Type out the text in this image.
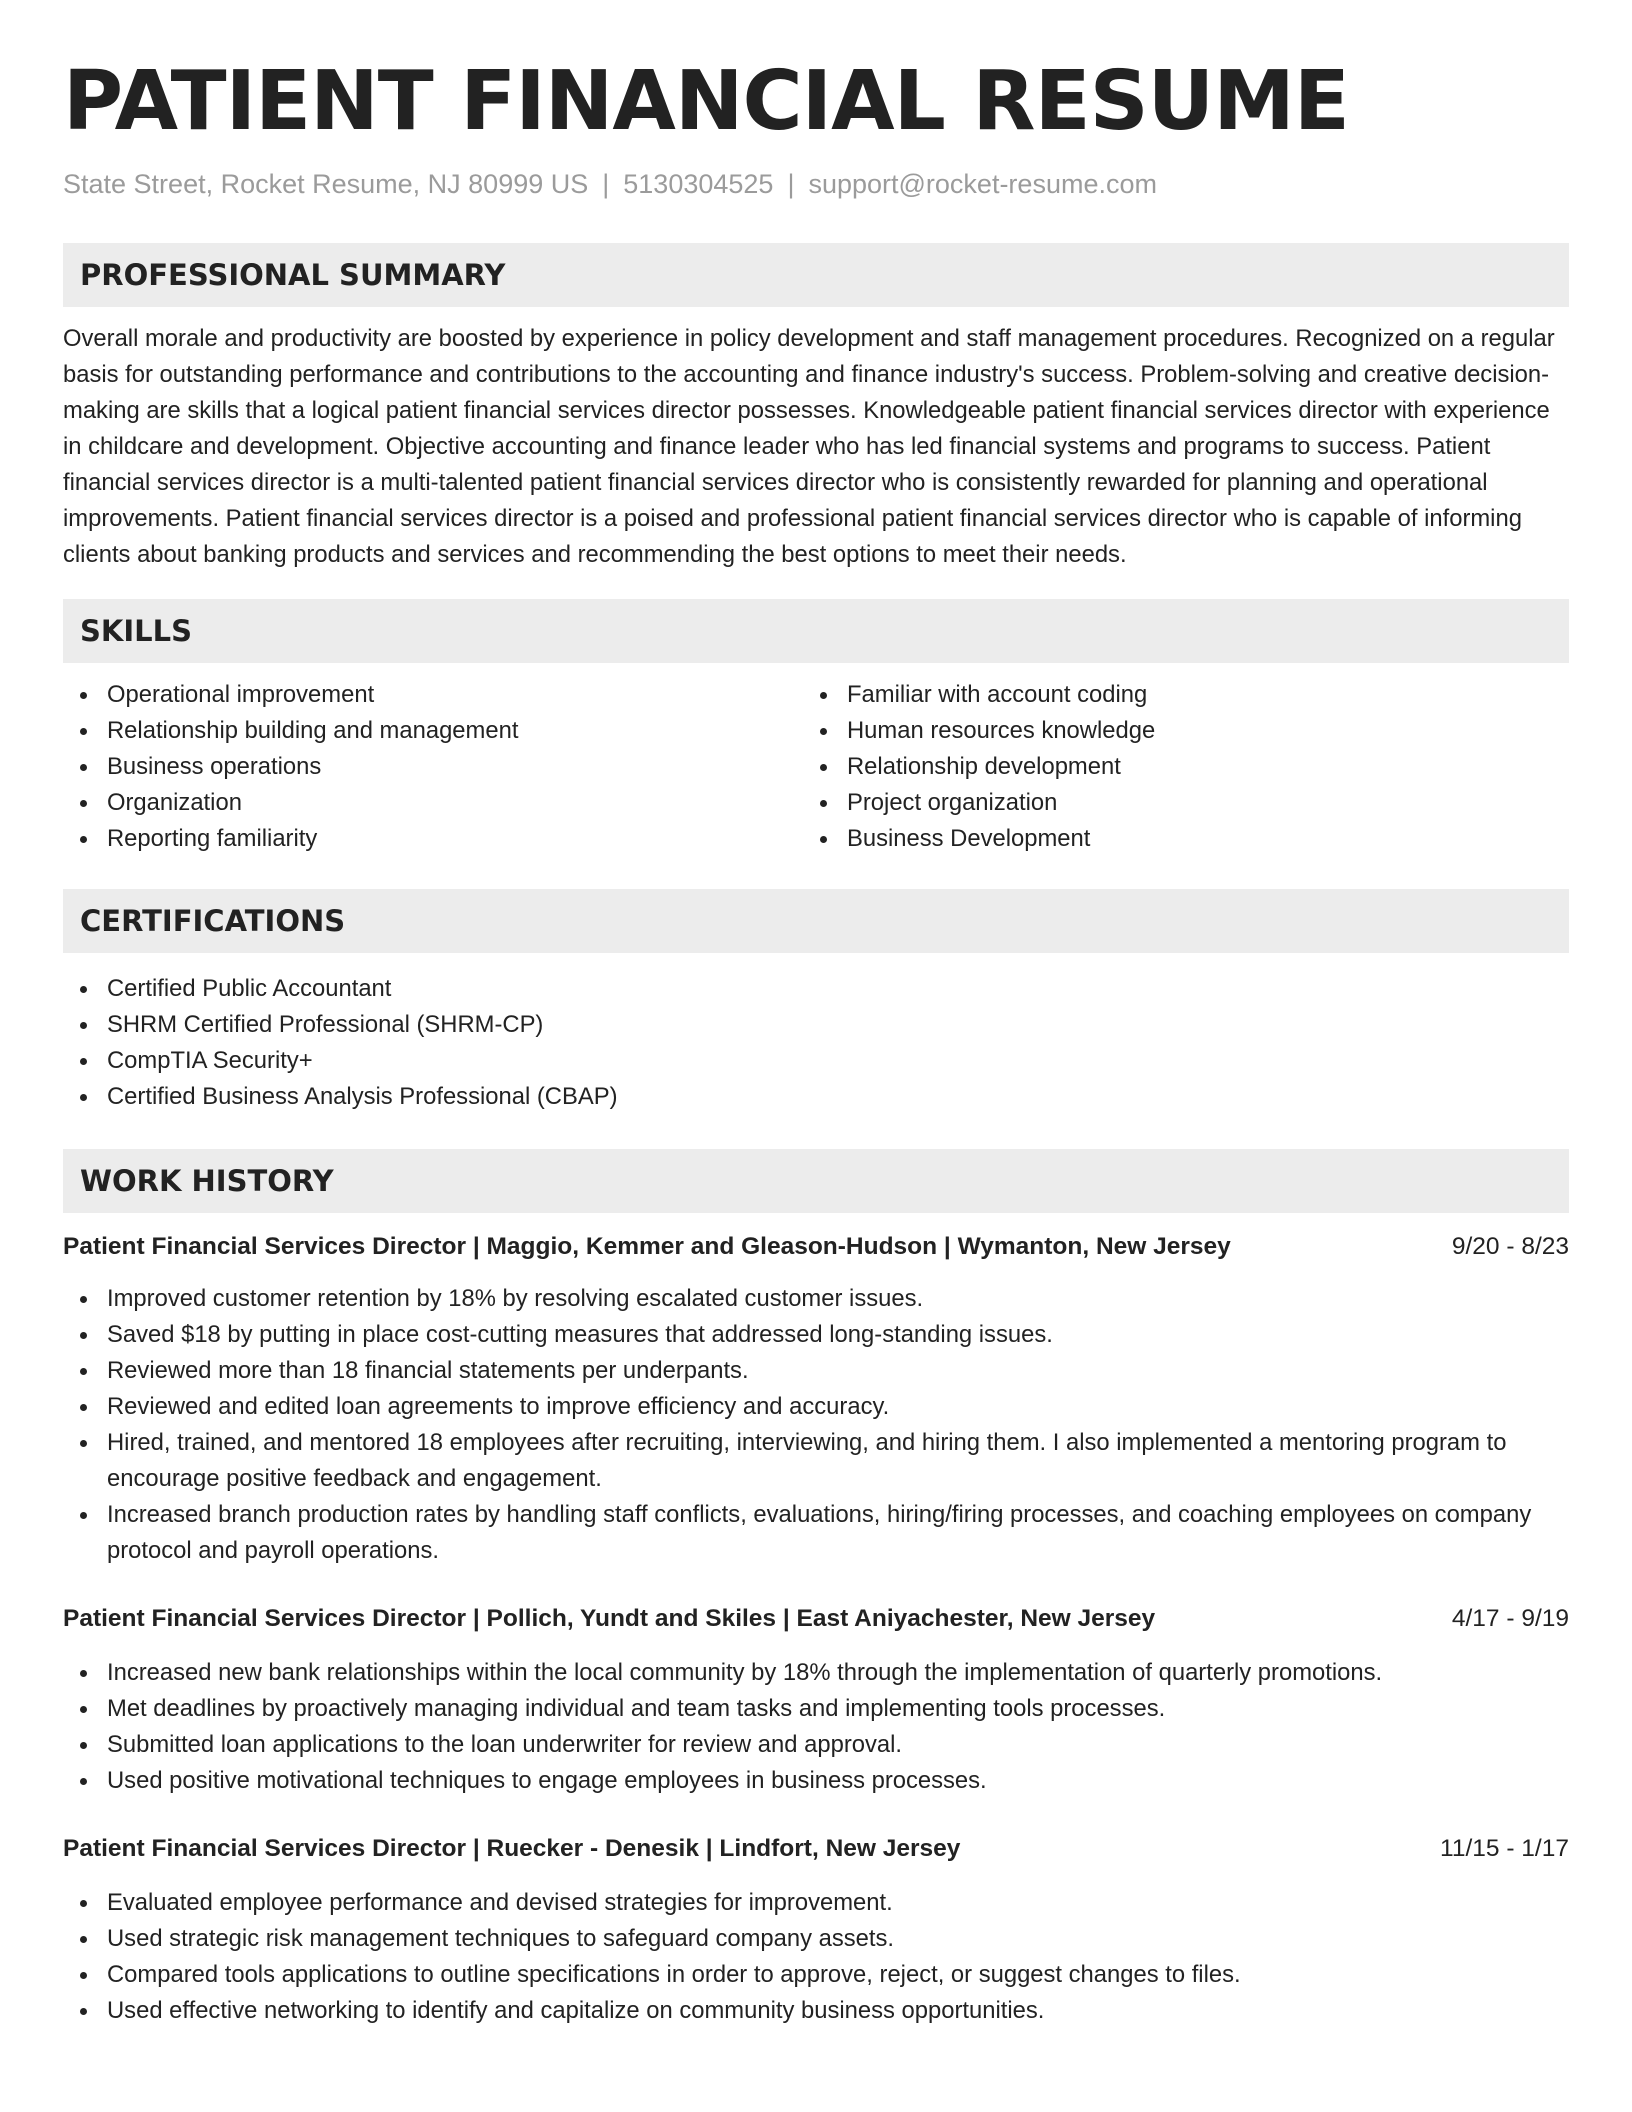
PATIENT FINANCIAL RESUME
State Street, Rocket Resume, NJ 80999 US | 5130304525 | support@rocket-resume.com
PROFESSIONAL SUMMARY

Overall morale and productivity are boosted by experience in policy development and staff management procedures. Recognized on a regular basis for outstanding performance and contributions to the accounting and finance industry's success. Problem-solving and creative decision-making are skills that a logical patient financial services director possesses. Knowledgeable patient financial services director with experience in childcare and development. Objective accounting and finance leader who has led financial systems and programs to success. Patient financial services director is a multi-talented patient financial services director who is consistently rewarded for planning and operational improvements. Patient financial services director is a poised and professional patient financial services director who is capable of informing clients about banking products and services and recommending the best options to meet their needs.

SKILLS
Operational improvement
Relationship building and management
Business operations
Organization
Reporting familiarity
Familiar with account coding
Human resources knowledge
Relationship development
Project organization
Business Development
CERTIFICATIONS
Certified Public Accountant
SHRM Certified Professional (SHRM-CP)
CompTIA Security+
Certified Business Analysis Professional (CBAP)
WORK HISTORY
Patient Financial Services Director | Maggio, Kemmer and Gleason-Hudson | Wymanton, New Jersey	9/20 - 8/23
Improved customer retention by 18% by resolving escalated customer issues.
Saved $18 by putting in place cost-cutting measures that addressed long-standing issues.
Reviewed more than 18 financial statements per underpants.
Reviewed and edited loan agreements to improve efficiency and accuracy.
Hired, trained, and mentored 18 employees after recruiting, interviewing, and hiring them. I also implemented a mentoring program to encourage positive feedback and engagement.
Increased branch production rates by handling staff conflicts, evaluations, hiring/firing processes, and coaching employees on company protocol and payroll operations.
Patient Financial Services Director | Pollich, Yundt and Skiles | East Aniyachester, New Jersey	4/17 - 9/19
Increased new bank relationships within the local community by 18% through the implementation of quarterly promotions.
Met deadlines by proactively managing individual and team tasks and implementing tools processes.
Submitted loan applications to the loan underwriter for review and approval.
Used positive motivational techniques to engage employees in business processes.
Patient Financial Services Director | Ruecker - Denesik | Lindfort, New Jersey	11/15 - 1/17
Evaluated employee performance and devised strategies for improvement.
Used strategic risk management techniques to safeguard company assets.
Compared tools applications to outline specifications in order to approve, reject, or suggest changes to files.
Used effective networking to identify and capitalize on community business opportunities.
